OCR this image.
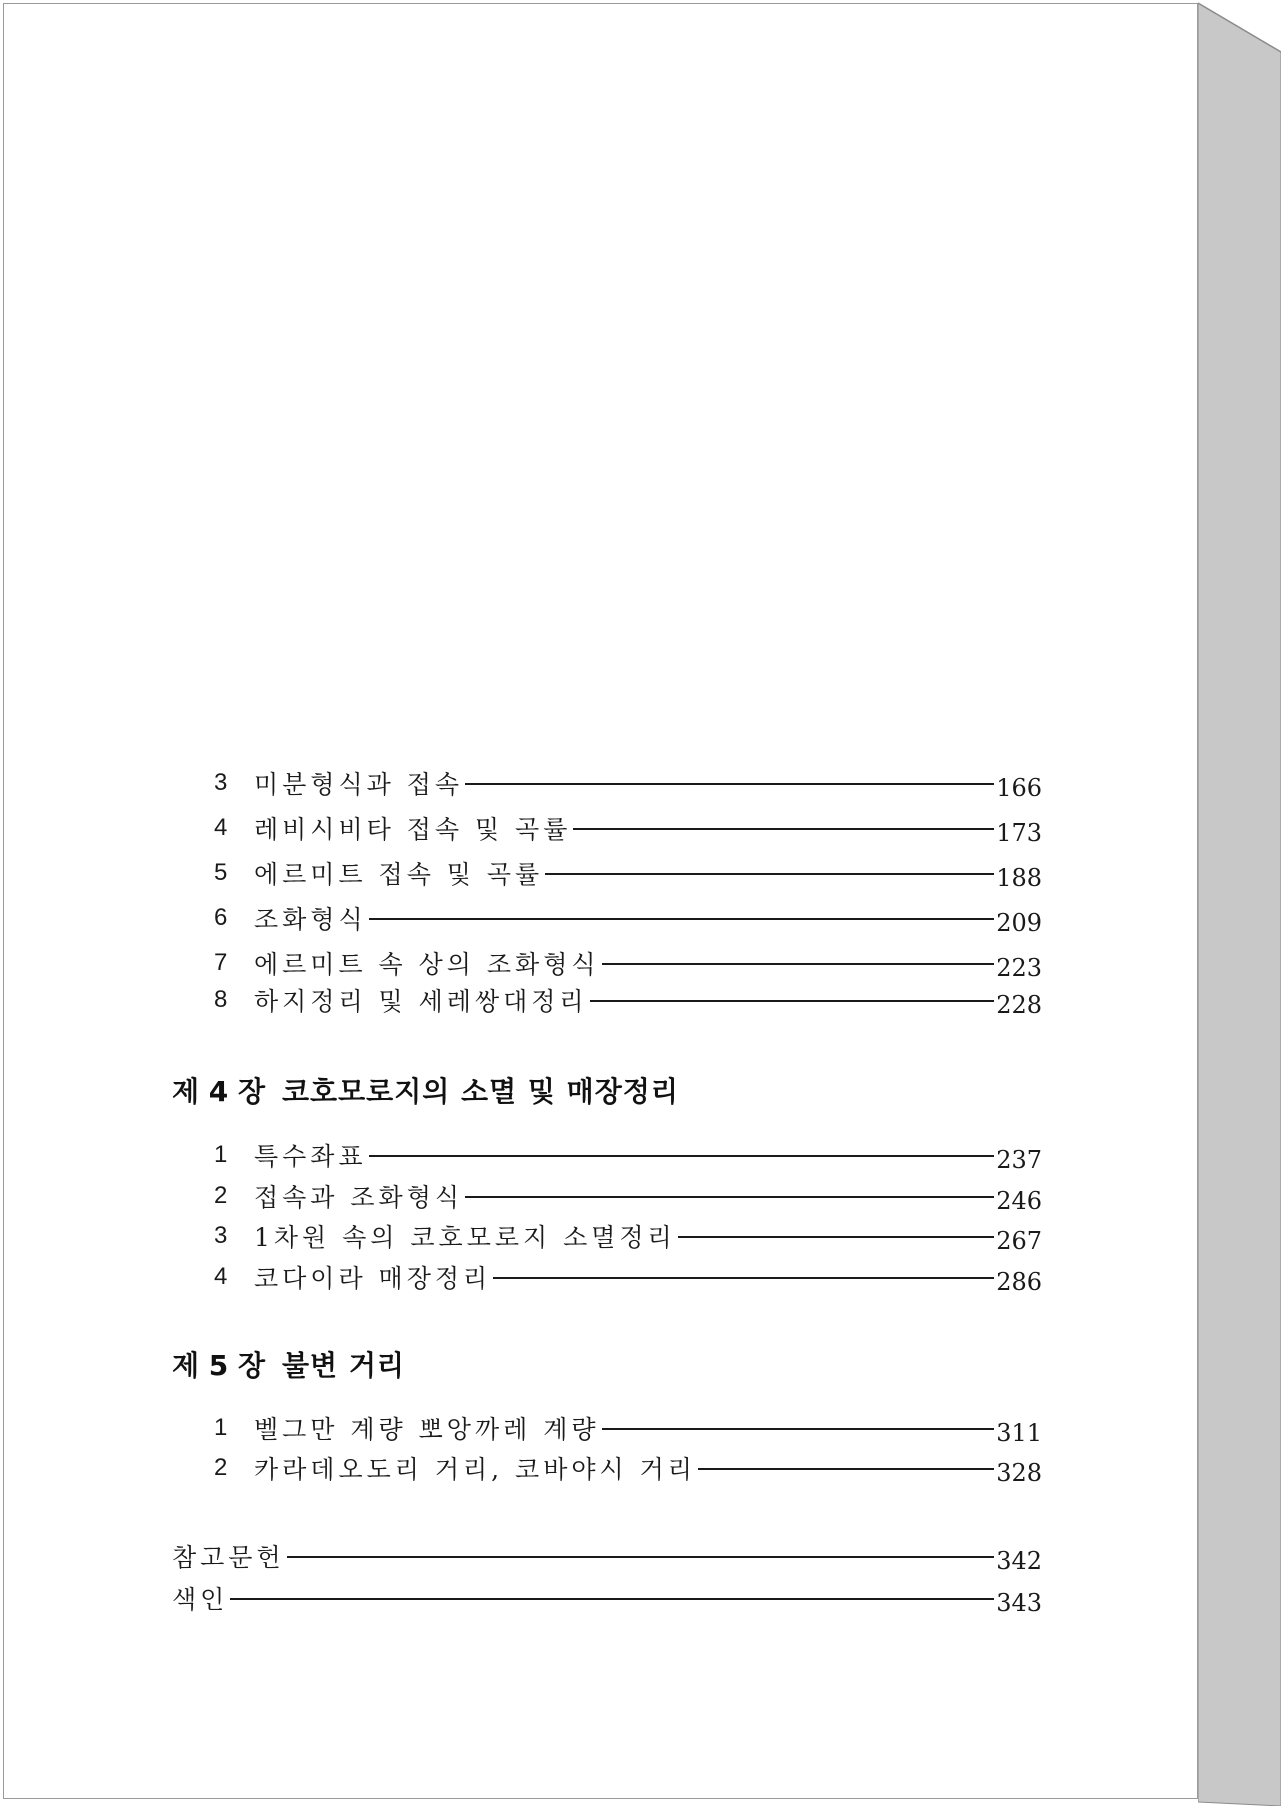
3	미분형식과 접속	166
4	레비시비타 접속 및 곡률	173
5	에르미트 접속 및 곡률	188
6	조화형식	209
7	에르미트 속 상의 조화형식	223
8	하지정리 및 세레쌍대정리	228
제 4 장 코호모로지의 소멸 및 매장정리
1	특수좌표	237
2	접속과 조화형식	246
3	1차원 속의 코호모로지 소멸정리	267
4	코다이라 매장정리	286
제 5 장 불변 거리
1	벨그만 계량 뽀앙까레 계량	311
2	카라데오도리 거리, 코바야시 거리	328
참고문헌	342
색인	343
